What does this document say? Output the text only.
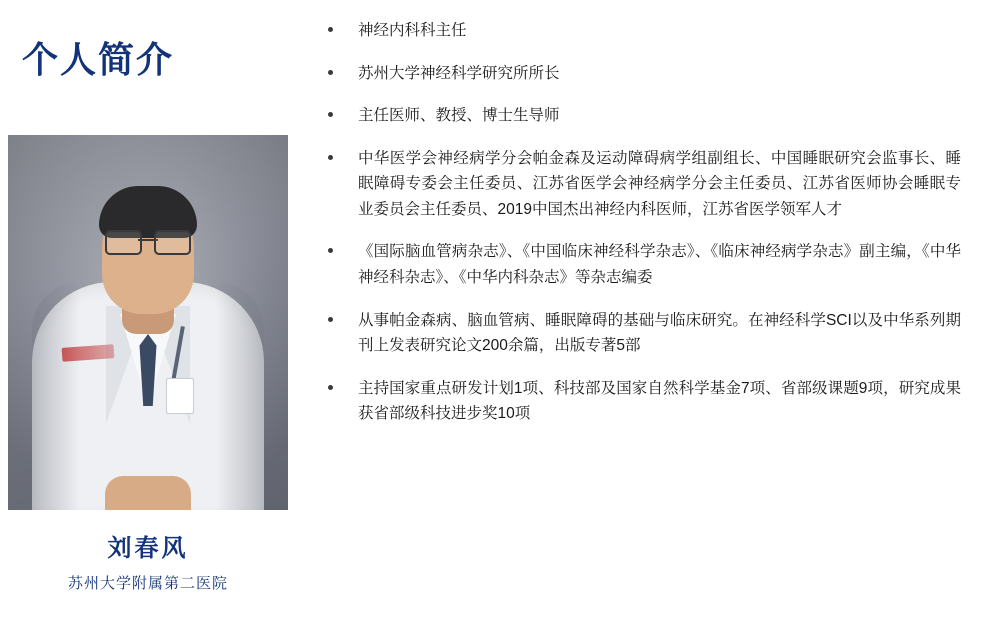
个人简介
刘春风
苏州大学附属第二医院
神经内科科主任
苏州大学神经科学研究所所长
主任医师、教授、博士生导师
中华医学会神经病学分会帕金森及运动障碍病学组副组长、中国睡眠研究会监事长、睡眠障碍专委会主任委员、江苏省医学会神经病学分会主任委员、江苏省医师协会睡眠专业委员会主任委员、2019中国杰出神经内科医师，江苏省医学领军人才
《国际脑血管病杂志》、《中国临床神经科学杂志》、《临床神经病学杂志》副主编，《中华神经科杂志》、《中华内科杂志》等杂志编委
从事帕金森病、脑血管病、睡眠障碍的基础与临床研究。在神经科学SCI以及中华系列期刊上发表研究论文200余篇，出版专著5部
主持国家重点研发计划1项、科技部及国家自然科学基金7项、省部级课题9项，研究成果获省部级科技进步奖10项
